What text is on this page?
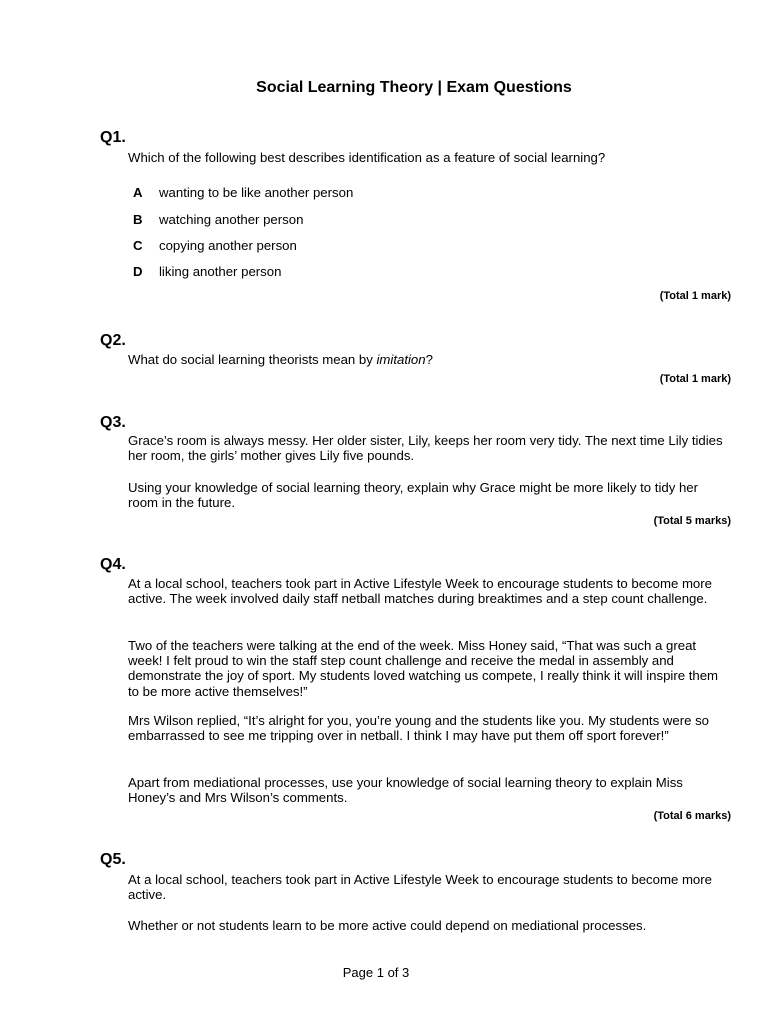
Social Learning Theory | Exam Questions
Q1.

Which of the following best describes identification as a feature of social learning?

A wanting to be like another person
B watching another person
C copying another person
D liking another person
(Total 1 mark)
Q2.

What do social learning theorists mean by imitation?

(Total 1 mark)
Q3.

Grace’s room is always messy. Her older sister, Lily, keeps her room very tidy. The next time Lily tidies her room, the girls’ mother gives Lily five pounds.

Using your knowledge of social learning theory, explain why Grace might be more likely to tidy her room in the future.

(Total 5 marks)
Q4.

At a local school, teachers took part in Active Lifestyle Week to encourage students to become more active. The week involved daily staff netball matches during breaktimes and a step count challenge.

Two of the teachers were talking at the end of the week. Miss Honey said, “That was such a great week! I felt proud to win the staff step count challenge and receive the medal in assembly and demonstrate the joy of sport. My students loved watching us compete, I really think it will inspire them to be more active themselves!”

Mrs Wilson replied, “It’s alright for you, you’re young and the students like you. My students were so embarrassed to see me tripping over in netball. I think I may have put them off sport forever!”

Apart from mediational processes, use your knowledge of social learning theory to explain Miss Honey’s and Mrs Wilson’s comments.

(Total 6 marks)
Q5.

At a local school, teachers took part in Active Lifestyle Week to encourage students to become more active.

Whether or not students learn to be more active could depend on mediational processes.

Page 1 of 3
